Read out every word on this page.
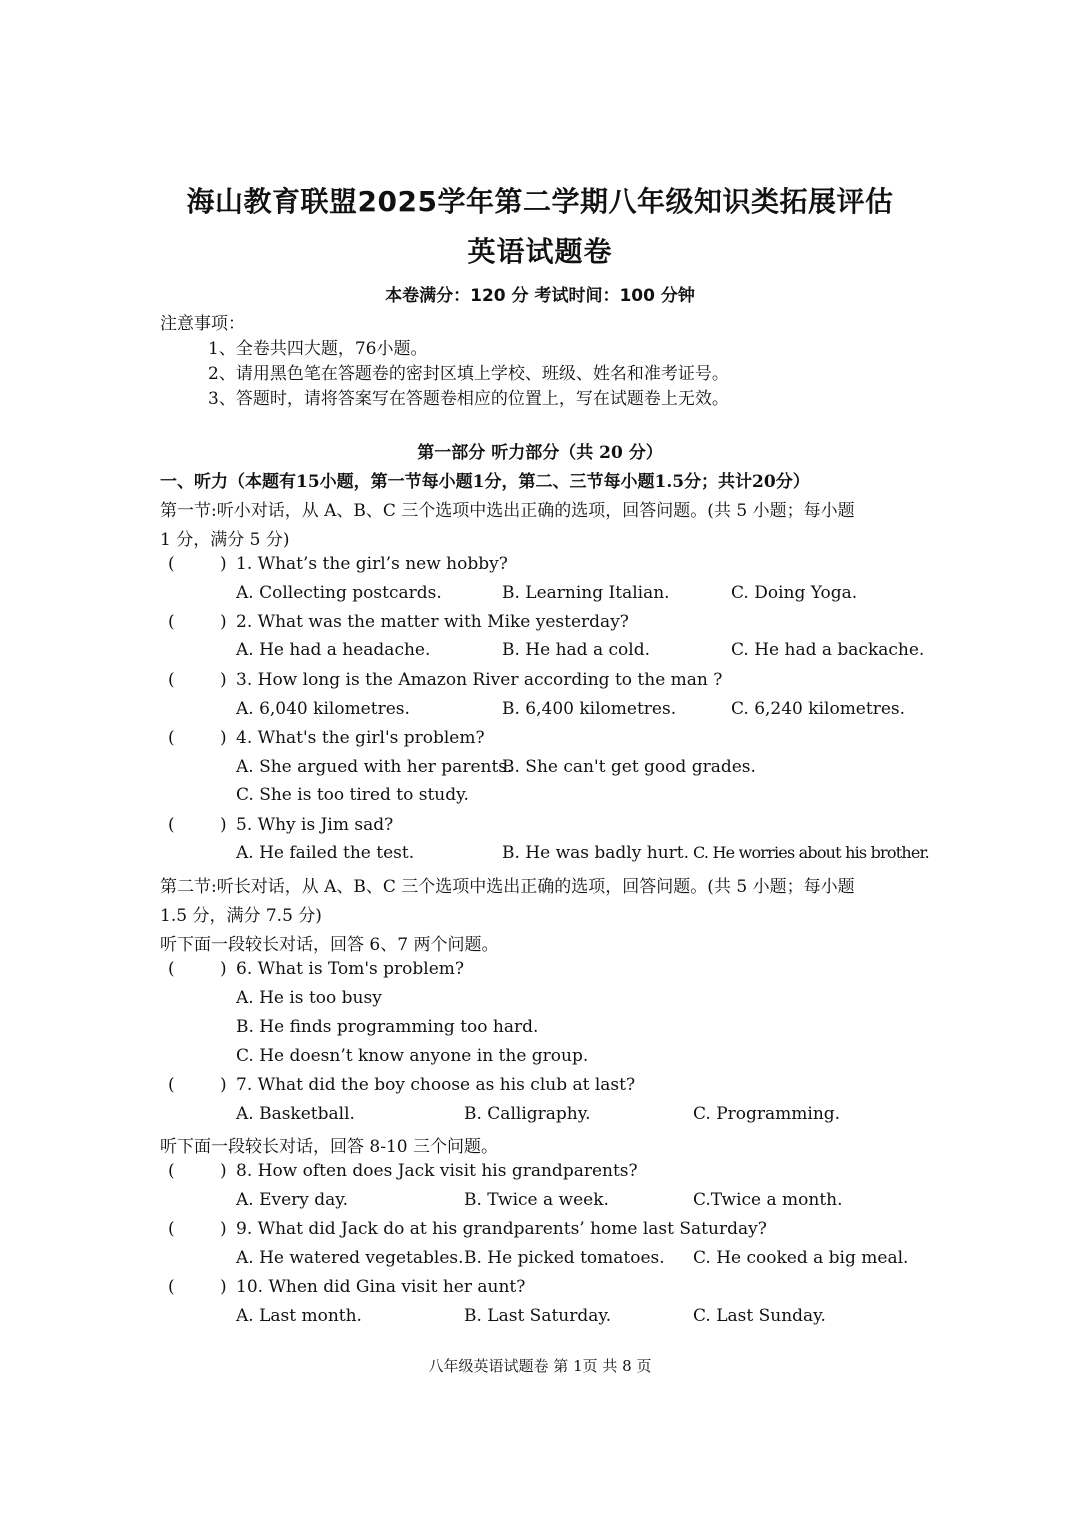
海山教育联盟2025学年第二学期八年级知识类拓展评估
英语试题卷
本卷满分：120 分 考试时间：100 分钟
注意事项：
1、全卷共四大题，76小题。
2、请用黑色笔在答题卷的密封区填上学校、班级、姓名和准考证号。
3、答题时，请将答案写在答题卷相应的位置上，写在试题卷上无效。
第一部分 听力部分（共 20 分）
一、听力（本题有15小题，第一节每小题1分，第二、三节每小题1.5分；共计20分）
第一节:听小对话，从 A、B、C 三个选项中选出正确的选项，回答问题。(共 5 小题；每小题
1 分，满分 5 分)
(	) 1. What’s the girl’s new hobby?
A. Collecting postcards.	B. Learning Italian.	C. Doing Yoga.
(	) 2. What was the matter with Mike yesterday?
A. He had a headache.	B. He had a cold.	C. He had a backache.
(	) 3. How long is the Amazon River according to the man ?
A. 6,040 kilometres.	B. 6,400 kilometres.	C. 6,240 kilometres.
(	) 4. What's the girl's problem?
A. She argued with her parents.
B. She can't get good grades.
C. She is too tired to study.
(	) 5. Why is Jim sad?
A. He failed the test.	B. He was badly hurt. C. He worries about his brother.
第二节:听长对话，从 A、B、C 三个选项中选出正确的选项，回答问题。(共 5 小题；每小题
1.5 分，满分 7.5 分)
听下面一段较长对话，回答 6、7 两个问题。
(	) 6. What is Tom's problem?
A. He is too busy
B. He finds programming too hard.
C. He doesn’t know anyone in the group.
(	) 7. What did the boy choose as his club at last?
A. Basketball.	B. Calligraphy.	C. Programming.
听下面一段较长对话，回答 8-10 三个问题。
(	) 8. How often does Jack visit his grandparents?
A. Every day.	B. Twice a week.	C.Twice a month.
(	) 9. What did Jack do at his grandparents’ home last Saturday?
A. He watered vegetables. B. He picked tomatoes. C. He cooked a big meal.
(	) 10. When did Gina visit her aunt?
A. Last month.	B. Last Saturday.	C. Last Sunday.
八年级英语试题卷 第 1页 共 8 页
